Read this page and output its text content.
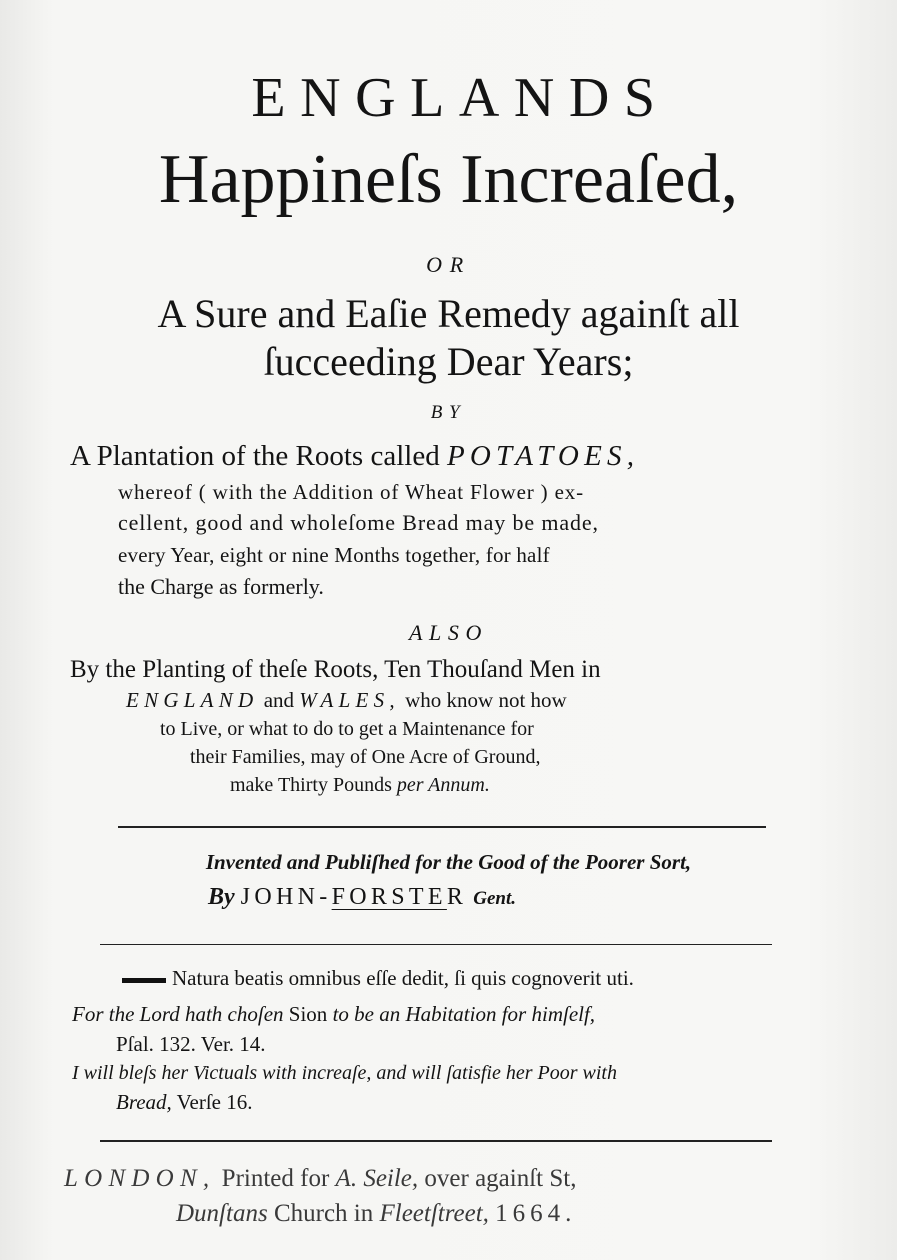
ENGLANDS
Happineſs Increaſed,
OR
A Sure and Eaſie Remedy againſt all
ſucceeding Dear Years;
BY
A Plantation of the Roots called POTATOES,
whereof ( with the Addition of Wheat Flower ) ex-
cellent, good and wholeſome Bread may be made,
every Year, eight or nine Months together, for half
the Charge as formerly.
ALSO
By the Planting of theſe Roots, Ten Thouſand Men in
ENGLAND and WALES, who know not how
to Live, or what to do to get a Maintenance for
their Families, may of One Acre of Ground,
make Thirty Pounds per Annum.
Invented and Publiſhed for the Good of the Poorer Sort,
By JOHN-FORSTER Gent.
Natura beatis omnibus eſſe dedit, ſi quis cognoverit uti.
For the Lord hath choſen Sion to be an Habitation for himſelf,
Pſal. 132. Ver. 14.
I will bleſs her Victuals with increaſe, and will ſatisfie her Poor with
Bread, Verſe 16.
LONDON, Printed for A. Seile, over againſt St,
Dunſtans Church in Fleetſtreet, 1664.
